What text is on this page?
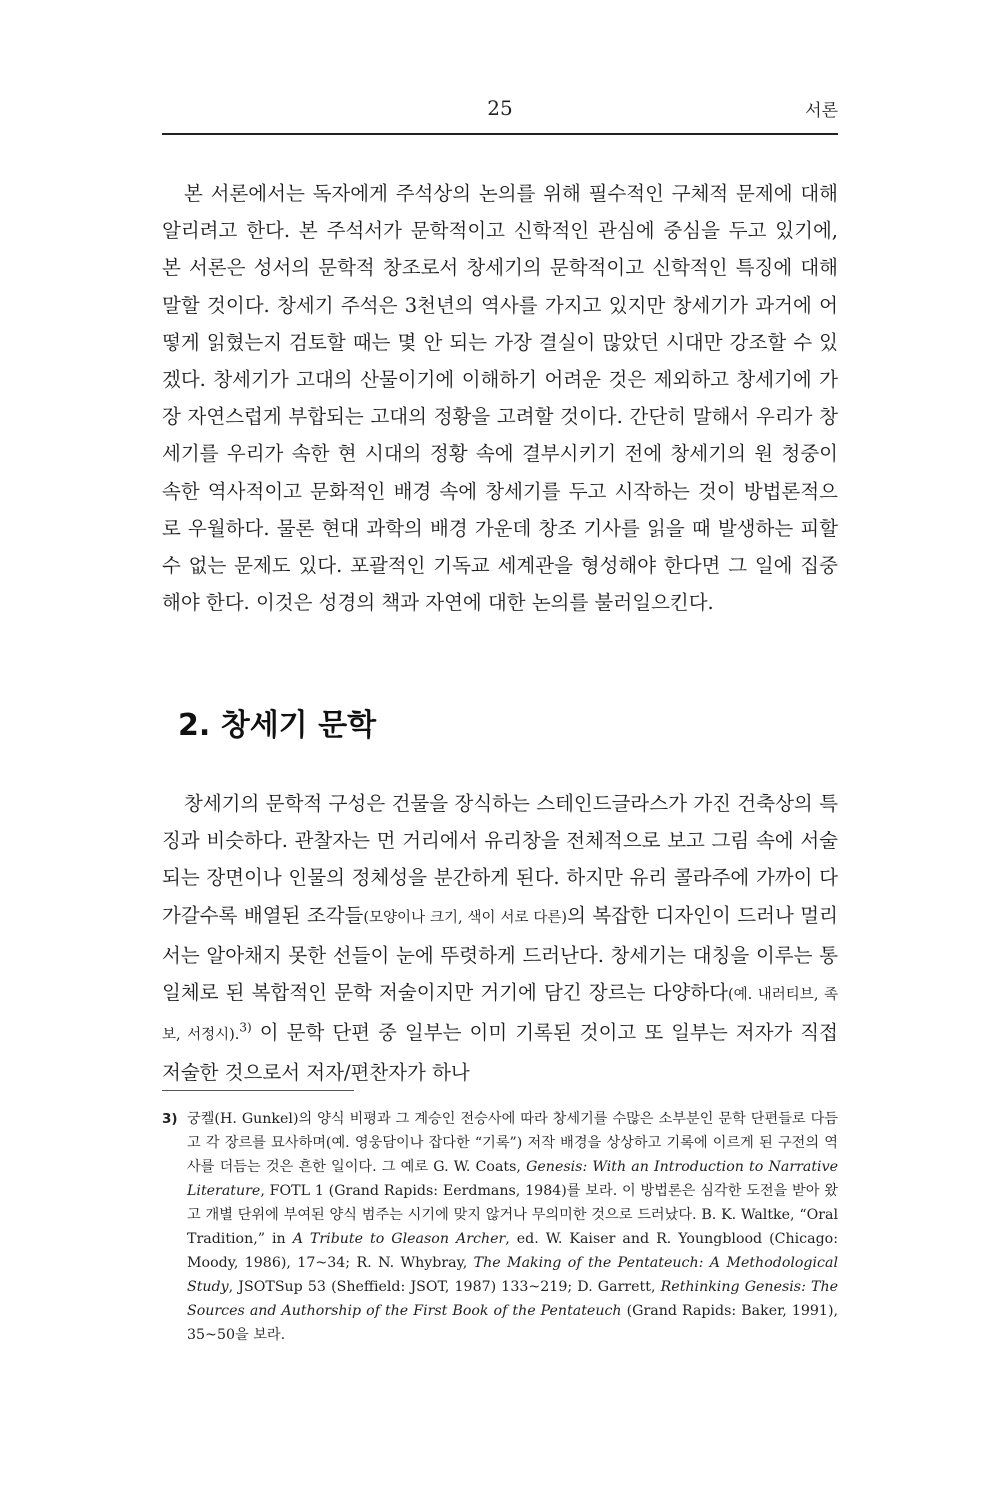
25	서론

본 서론에서는 독자에게 주석상의 논의를 위해 필수적인 구체적 문제에 대해 알리려고 한다. 본 주석서가 문학적이고 신학적인 관심에 중심을 두고 있기에, 본 서론은 성서의 문학적 창조로서 창세기의 문학적이고 신학적인 특징에 대해 말할 것이다. 창세기 주석은 3천년의 역사를 가지고 있지만 창세기가 과거에 어떻게 읽혔는지 검토할 때는 몇 안 되는 가장 결실이 많았던 시대만 강조할 수 있겠다. 창세기가 고대의 산물이기에 이해하기 어려운 것은 제외하고 창세기에 가장 자연스럽게 부합되는 고대의 정황을 고려할 것이다. 간단히 말해서 우리가 창세기를 우리가 속한 현 시대의 정황 속에 결부시키기 전에 창세기의 원 청중이 속한 역사적이고 문화적인 배경 속에 창세기를 두고 시작하는 것이 방법론적으로 우월하다. 물론 현대 과학의 배경 가운데 창조 기사를 읽을 때 발생하는 피할 수 없는 문제도 있다. 포괄적인 기독교 세계관을 형성해야 한다면 그 일에 집중해야 한다. 이것은 성경의 책과 자연에 대한 논의를 불러일으킨다.

2. 창세기 문학

창세기의 문학적 구성은 건물을 장식하는 스테인드글라스가 가진 건축상의 특징과 비슷하다. 관찰자는 먼 거리에서 유리창을 전체적으로 보고 그림 속에 서술되는 장면이나 인물의 정체성을 분간하게 된다. 하지만 유리 콜라주에 가까이 다가갈수록 배열된 조각들(모양이나 크기, 색이 서로 다른)의 복잡한 디자인이 드러나 멀리서는 알아채지 못한 선들이 눈에 뚜렷하게 드러난다. 창세기는 대칭을 이루는 통일체로 된 복합적인 문학 저술이지만 거기에 담긴 장르는 다양하다(예. 내러티브, 족보, 서정시).$^{3)}$ 이 문학 단편 중 일부는 이미 기록된 것이고 또 일부는 저자가 직접 저술한 것으로서 저자/편찬자가 하나

3) 궁켈(H. Gunkel)의 양식 비평과 그 계승인 전승사에 따라 창세기를 수많은 소부분인 문학 단편들로 다듬고 각 장르를 묘사하며(예. 영웅담이나 잡다한 “기록”) 저작 배경을 상상하고 기록에 이르게 된 구전의 역사를 더듬는 것은 흔한 일이다. 그 예로 G. W. Coats, Genesis: With an Introduction to Narrative Literature, FOTL 1 (Grand Rapids: Eerdmans, 1984)를 보라. 이 방법론은 심각한 도전을 받아 왔고 개별 단위에 부여된 양식 범주는 시기에 맞지 않거나 무의미한 것으로 드러났다. B. K. Waltke, “Oral Tradition,” in A Tribute to Gleason Archer, ed. W. Kaiser and R. Youngblood (Chicago: Moody, 1986), 17~34; R. N. Whybray, The Making of the Pentateuch: A Methodological Study, JSOTSup 53 (Sheffield: JSOT, 1987) 133~219; D. Garrett, Rethinking Genesis: The Sources and Authorship of the First Book of the Pentateuch (Grand Rapids: Baker, 1991), 35~50을 보라.
